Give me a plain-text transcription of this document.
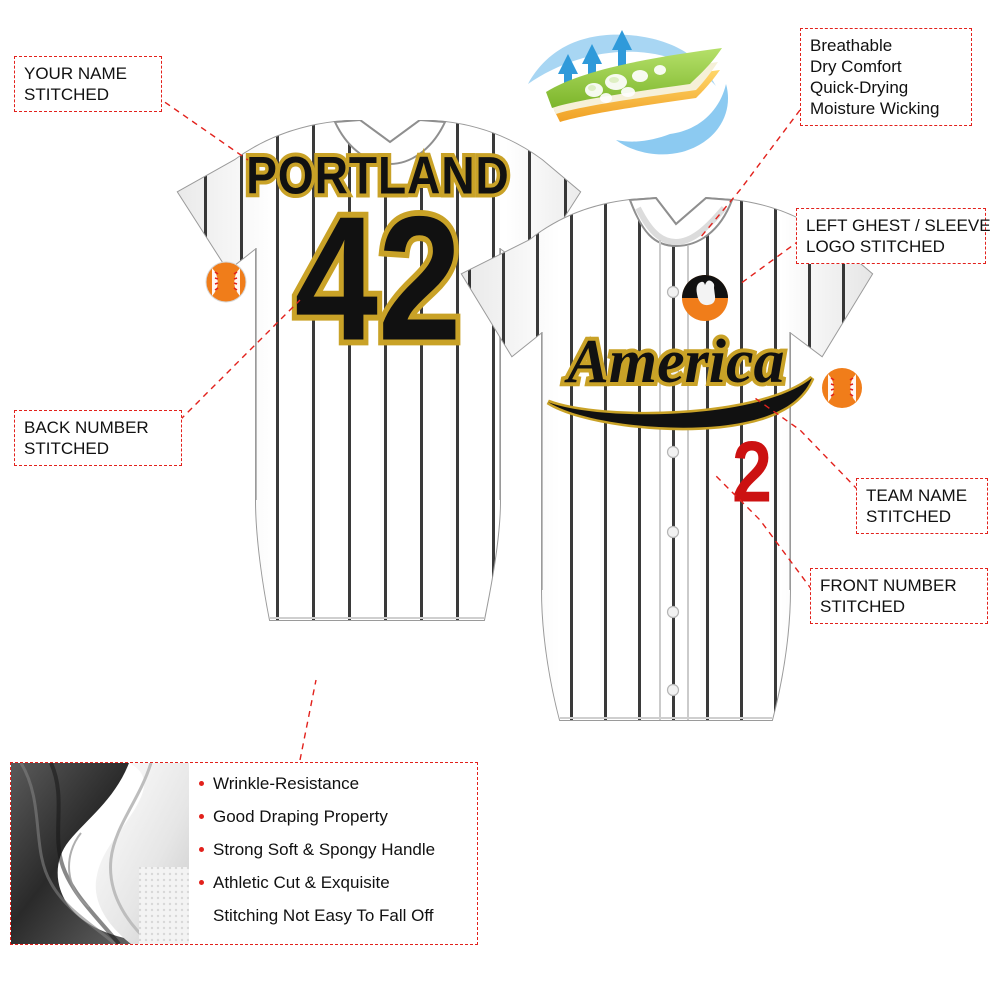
PORTLAND
42 America
2
YOUR NAME
STITCHED
BACK NUMBER
STITCHED
Breathable
Dry Comfort
Quick-Drying
Moisture Wicking
LEFT GHEST / SLEEVE
LOGO STITCHED
TEAM NAME
STITCHED
FRONT NUMBER
STITCHED
Wrinkle-Resistance
Good Draping Property
Strong Soft & Spongy Handle
Athletic Cut & Exquisite
Stitching Not Easy To Fall Off
